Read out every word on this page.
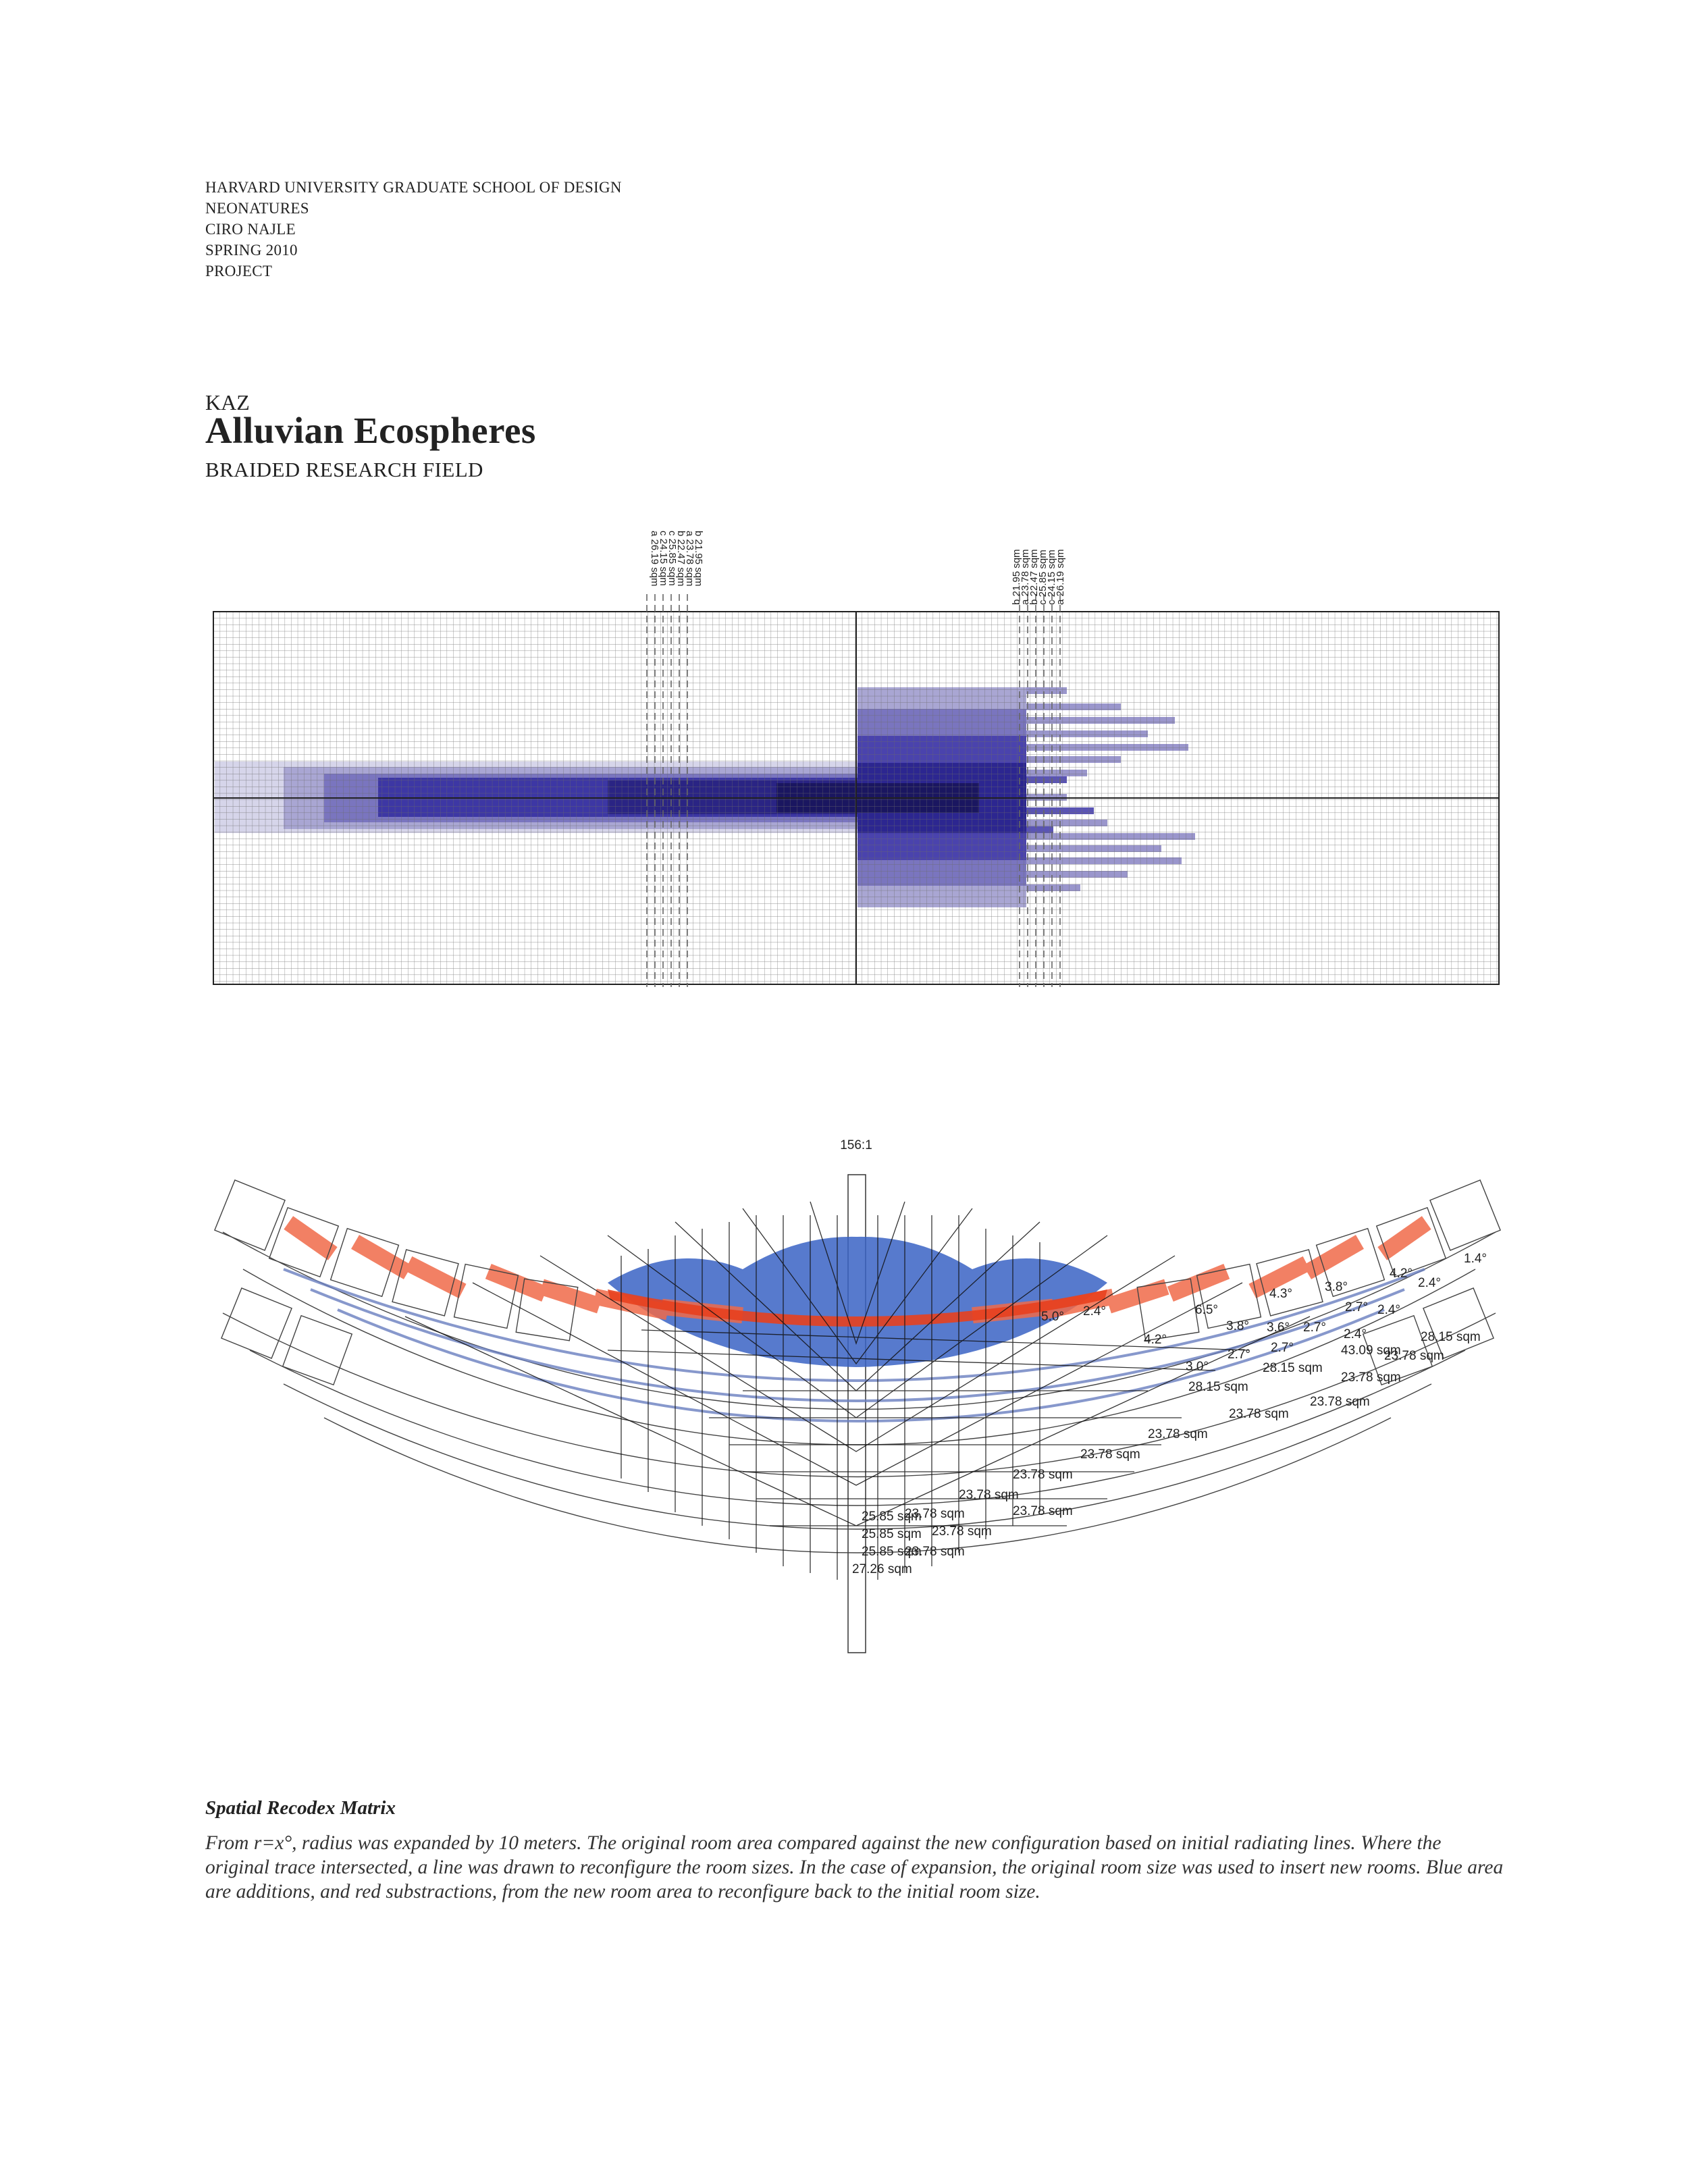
HARVARD UNIVERSITY GRADUATE SCHOOL OF DESIGN
NEONATURES
CIRO NAJLE
SPRING 2010
PROJECT
KAZ
Alluvian Ecospheres
BRAIDED RESEARCH FIELD
b 21.95 sqm
a 23.78 sqm
b 22.47 sqm
c 25.85 sqm
c 24.15 sqm
a 26.19 sqm	b 21.95 sqm
a 23.78 sqm
b 22.47 sqm
c 25.85 sqm
c 24.15 sqm
a 26.19 sqm
156:1
1.4°
2.4°
4.2°
2.4°
2.7°
3.8°
4.3°
2.7° 2.4°
3.6°
3.8°
6.5°
4.2°
5.0° 2.4°
2.7°
3.0°
2.7°
28.15 sqm
43.09 sqm
23.78 sqm
28.15 sqm
23.78 sqm
28.15 sqm
23.78 sqm
23.78 sqm
23.78 sqm
23.78 sqm
23.78 sqm
23.78 sqm
23.78 sqm	23.78 sqm
23.78 sqm
23.78 sqm
25.85 sqm
25.85 sqm
25.85 sqm
27.26 sqm
Spatial Recodex Matrix
From r=x°, radius was expanded by 10 meters. The original room area compared against the new configuration based on initial radiating lines. Where the original trace intersected, a line was drawn to reconfigure the room sizes. In the case of expansion, the original room size was used to insert new rooms. Blue area are additions, and red substractions, from the new room area to reconfigure back to the initial room size.
